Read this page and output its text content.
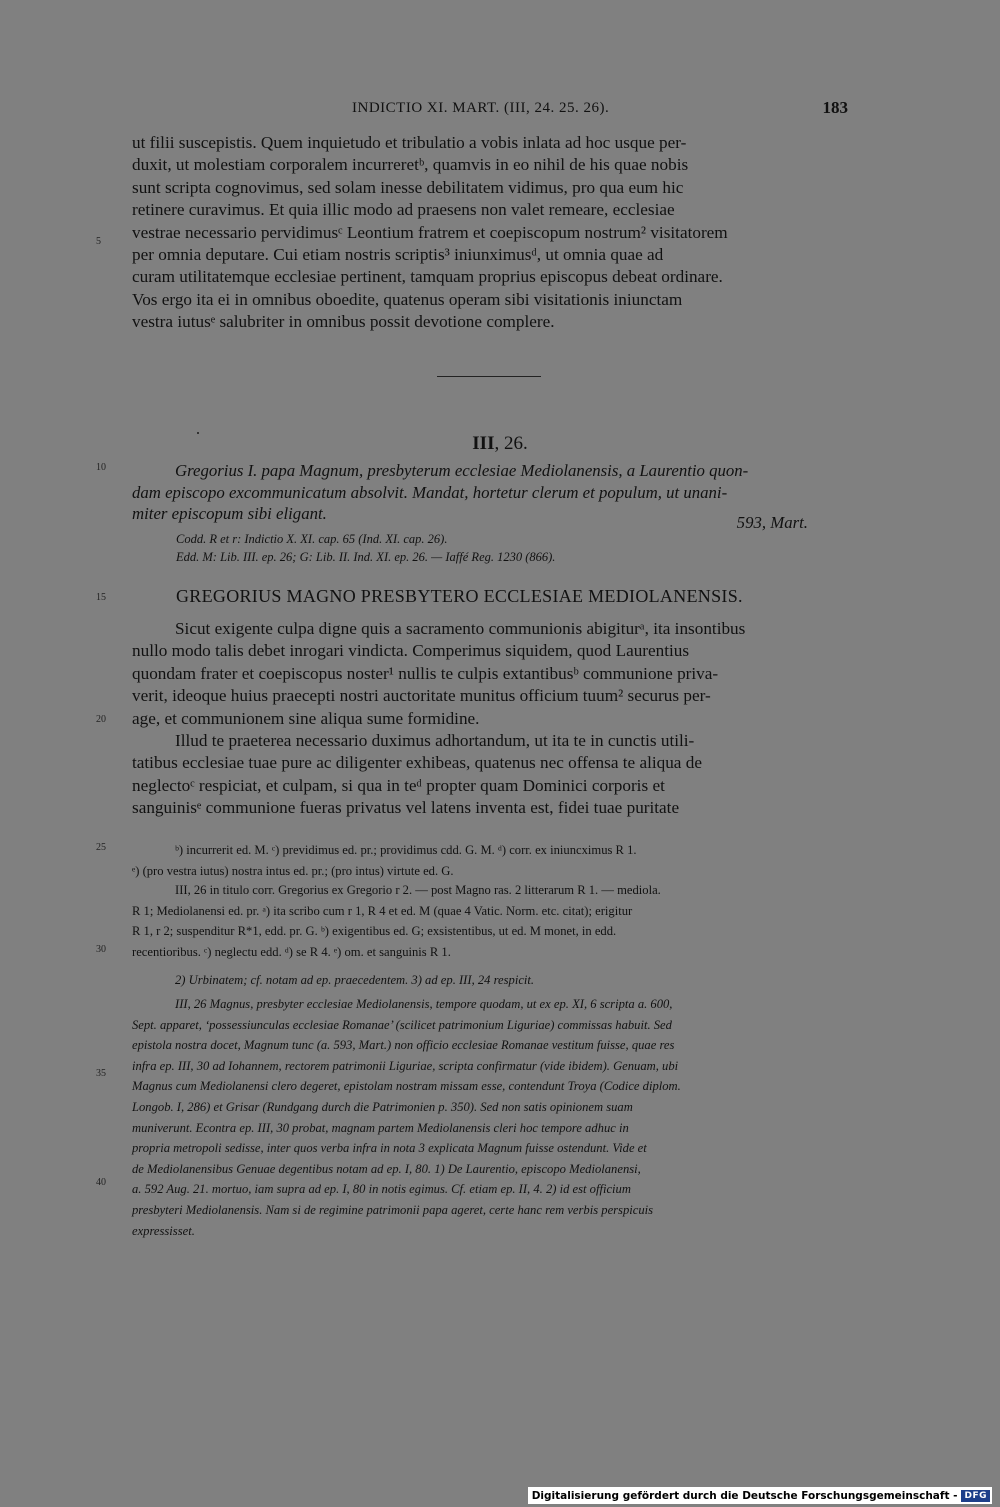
INDICTIO XI. MART. (III, 24. 25. 26).	183
5
10
15
20
25
30
35
40
ut filii suscepistis. Quem inquietudo et tribulatio a vobis inlata ad hoc usque per-
duxit, ut molestiam corporalem incurreretᵇ, quamvis in eo nihil de his quae nobis
sunt scripta cognovimus, sed solam inesse debilitatem vidimus, pro qua eum hic
retinere curavimus. Et quia illic modo ad praesens non valet remeare, ecclesiae
vestrae necessario pervidimusᶜ Leontium fratrem et coepiscopum nostrum² visitatorem
per omnia deputare. Cui etiam nostris scriptis³ iniunximusᵈ, ut omnia quae ad
curam utilitatemque ecclesiae pertinent, tamquam proprius episcopus debeat ordinare.
Vos ergo ita ei in omnibus oboedite, quatenus operam sibi visitationis iniunctam
vestra iutusᵉ salubriter in omnibus possit devotione complere.
III, 26.
Gregorius I. papa Magnum, presbyterum ecclesiae Mediolanensis, a Laurentio quon-
dam episcopo excommunicatum absolvit. Mandat, hortetur clerum et populum, ut unani-
miter episcopum sibi eligant.	593, Mart.
Codd. R et r: Indictio X. XI. cap. 65 (Ind. XI. cap. 26).
Edd. M: Lib. III. ep. 26; G: Lib. II. Ind. XI. ep. 26. — Iaffé Reg. 1230 (866).
GREGORIUS MAGNO PRESBYTERO ECCLESIAE MEDIOLANENSIS.
Sicut exigente culpa digne quis a sacramento communionis abigiturᵃ, ita insontibus
nullo modo talis debet inrogari vindicta. Comperimus siquidem, quod Laurentius
quondam frater et coepiscopus noster¹ nullis te culpis extantibusᵇ communione priva-
verit, ideoque huius praecepti nostri auctoritate munitus officium tuum² securus per-
age, et communionem sine aliqua sume formidine.
Illud te praeterea necessario duximus adhortandum, ut ita te in cunctis utili-
tatibus ecclesiae tuae pure ac diligenter exhibeas, quatenus nec offensa te aliqua de
neglectoᶜ respiciat, et culpam, si qua in teᵈ propter quam Dominici corporis et
sanguinisᵉ communione fueras privatus vel latens inventa est, fidei tuae puritate
ᵇ) incurrerit ed. M. ᶜ) previdimus ed. pr.; providimus cdd. G. M. ᵈ) corr. ex iniuncximus R 1.
ᵉ) (pro vestra iutus) nostra intus ed. pr.; (pro intus) virtute ed. G.
III, 26 in titulo corr. Gregorius ex Gregorio r 2. — post Magno ras. 2 litterarum R 1. — mediola.
R 1; Mediolanensi ed. pr. ᵃ) ita scribo cum r 1, R 4 et ed. M (quae 4 Vatic. Norm. etc. citat); erigitur
R 1, r 2; suspenditur R*1, edd. pr. G. ᵇ) exigentibus ed. G; exsistentibus, ut ed. M monet, in edd.
recentioribus. ᶜ) neglectu edd. ᵈ) se R 4. ᵉ) om. et sanguinis R 1.
2) Urbinatem; cf. notam ad ep. praecedentem. 3) ad ep. III, 24 respicit.
III, 26 Magnus, presbyter ecclesiae Mediolanensis, tempore quodam, ut ex ep. XI, 6 scripta a. 600,
Sept. apparet, ‘possessiunculas ecclesiae Romanae’ (scilicet patrimonium Liguriae) commissas habuit. Sed
epistola nostra docet, Magnum tunc (a. 593, Mart.) non officio ecclesiae Romanae vestitum fuisse, quae res
infra ep. III, 30 ad Iohannem, rectorem patrimonii Liguriae, scripta confirmatur (vide ibidem). Genuam, ubi
Magnus cum Mediolanensi clero degeret, epistolam nostram missam esse, contendunt Troya (Codice diplom.
Longob. I, 286) et Grisar (Rundgang durch die Patrimonien p. 350). Sed non satis opinionem suam
muniverunt. Econtra ep. III, 30 probat, magnam partem Mediolanensis cleri hoc tempore adhuc in
propria metropoli sedisse, inter quos verba infra in nota 3 explicata Magnum fuisse ostendunt. Vide et
de Mediolanensibus Genuae degentibus notam ad ep. I, 80. 1) De Laurentio, episcopo Mediolanensi,
a. 592 Aug. 21. mortuo, iam supra ad ep. I, 80 in notis egimus. Cf. etiam ep. II, 4. 2) id est officium
presbyteri Mediolanensis. Nam si de regimine patrimonii papa ageret, certe hanc rem verbis perspicuis
expressisset.
Digitalisierung gefördert durch die Deutsche Forschungsgemeinschaft - DFG
